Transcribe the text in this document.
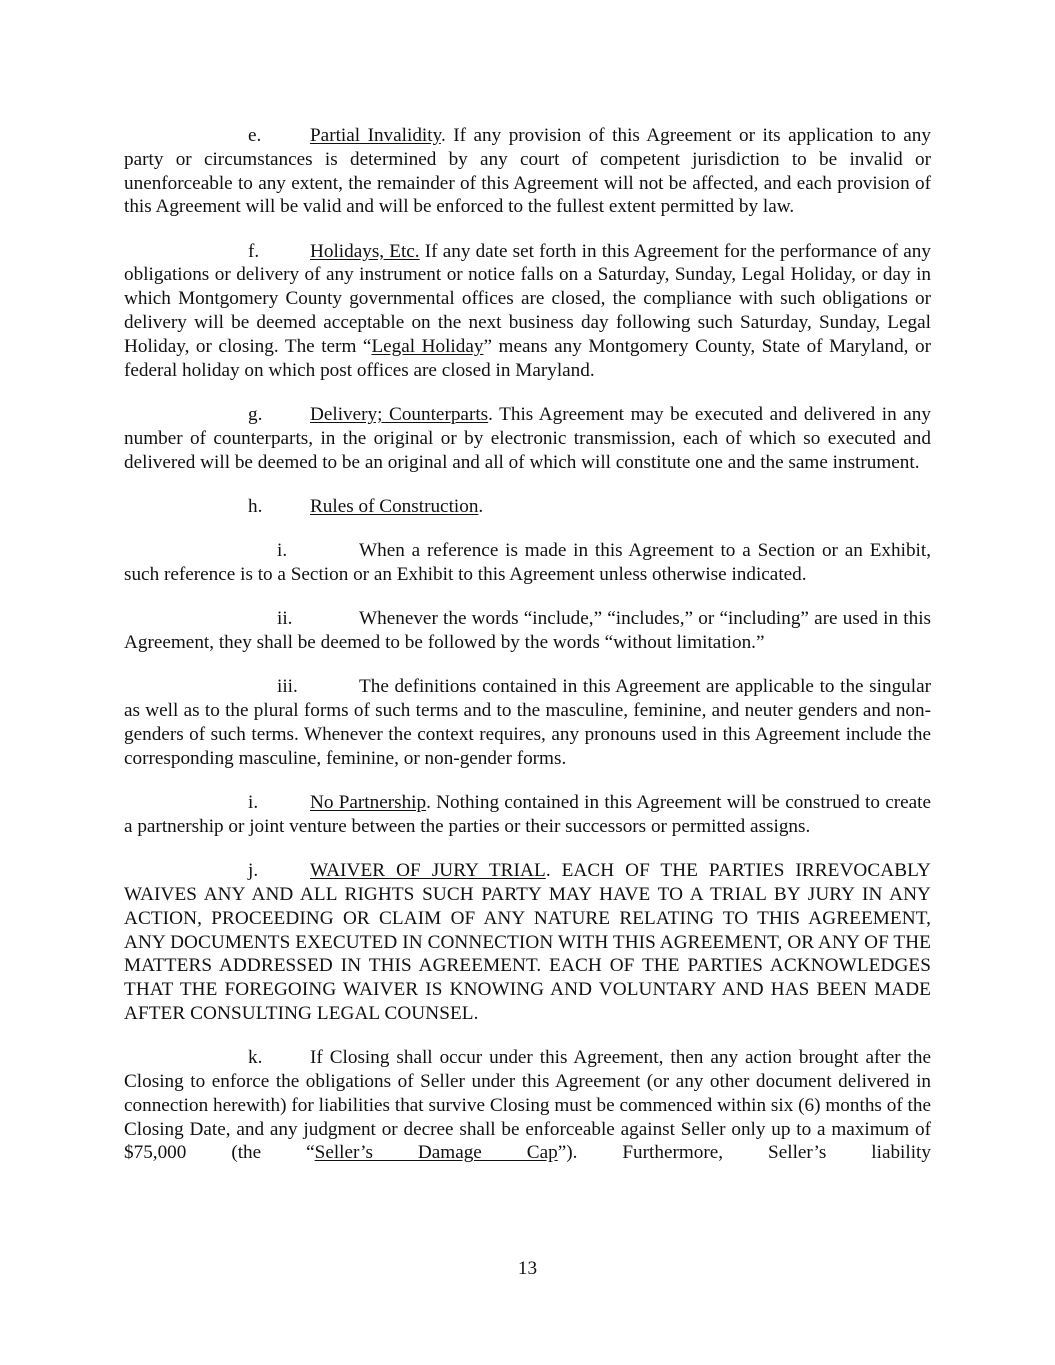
e.	Partial Invalidity. If any provision of this Agreement or its application to any party or circumstances is determined by any court of competent jurisdiction to be invalid or unenforceable to any extent, the remainder of this Agreement will not be affected, and each provision of this Agreement will be valid and will be enforced to the fullest extent permitted by law.

f.	Holidays, Etc. If any date set forth in this Agreement for the performance of any obligations or delivery of any instrument or notice falls on a Saturday, Sunday, Legal Holiday, or day in which Montgomery County governmental offices are closed, the compliance with such obligations or delivery will be deemed acceptable on the next business day following such Saturday, Sunday, Legal Holiday, or closing. The term “Legal Holiday” means any Montgomery County, State of Maryland, or federal holiday on which post offices are closed in Maryland.

g. Delivery; Counterparts. This Agreement may be executed and delivered in any number of counterparts, in the original or by electronic transmission, each of which so executed and delivered will be deemed to be an original and all of which will constitute one and the same instrument.

h. Rules of Construction.

i.	When a reference is made in this Agreement to a Section or an Exhibit, such reference is to a Section or an Exhibit to this Agreement unless otherwise indicated.

ii.	Whenever the words “include,” “includes,” or “including” are used in this Agreement, they shall be deemed to be followed by the words “without limitation.”

iii.	The definitions contained in this Agreement are applicable to the singular as well as to the plural forms of such terms and to the masculine, feminine, and neuter genders and non-genders of such terms. Whenever the context requires, any pronouns used in this Agreement include the corresponding masculine, feminine, or non-gender forms.

i.	No Partnership. Nothing contained in this Agreement will be construed to create a partnership or joint venture between the parties or their successors or permitted assigns.

j.	WAIVER OF JURY TRIAL. EACH OF THE PARTIES IRREVOCABLY WAIVES ANY AND ALL RIGHTS SUCH PARTY MAY HAVE TO A TRIAL BY JURY IN ANY ACTION, PROCEEDING OR CLAIM OF ANY NATURE RELATING TO THIS AGREEMENT, ANY DOCUMENTS EXECUTED IN CONNECTION WITH THIS AGREEMENT, OR ANY OF THE MATTERS ADDRESSED IN THIS AGREEMENT. EACH OF THE PARTIES ACKNOWLEDGES THAT THE FOREGOING WAIVER IS KNOWING AND VOLUNTARY AND HAS BEEN MADE AFTER CONSULTING LEGAL COUNSEL.

k. If Closing shall occur under this Agreement, then any action brought after the Closing to enforce the obligations of Seller under this Agreement (or any other document delivered in connection herewith) for liabilities that survive Closing must be commenced within six (6) months of the Closing Date, and any judgment or decree shall be enforceable against Seller only up to a maximum of $75,000 (the “Seller’s Damage Cap”). Furthermore, Seller’s liability

13
